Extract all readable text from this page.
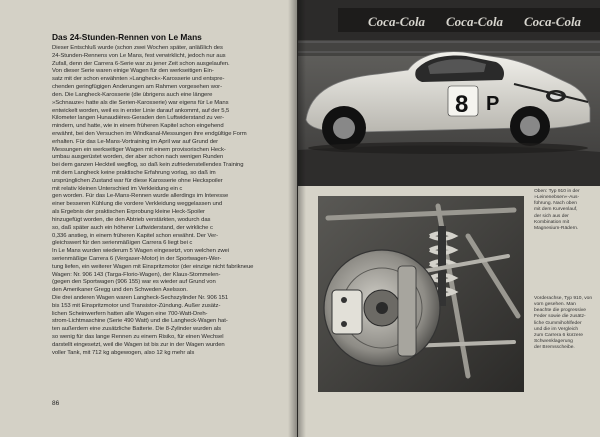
Das 24-Stunden-Rennen von Le Mans
Dieser Entschluß wurde (schon zwei Wochen später, anläßlich des
24-Stunden-Rennens von Le Mans, fest verwirklicht, jedoch nur aus
Zufall, denn der Carrera 6-Serie war zu jener Zeit schon ausgelaufen.
Von dieser Serie waren einige Wagen für den werkseitigen Ein-
satz mit der schon erwähnten »Langheck«-Karosserie und entspre-
chenden geringfügigen Änderungen am Rahmen vorgesehen wor-
den. Die Langheck-Karosserie (die übrigens auch eine längere
»Schnauze« hatte als die Serien-Karosserie) war eigens für Le Mans
entwickelt worden, weil es in erster Linie darauf ankommt, auf der 5,5
Kilometer langen Hunaudières-Geraden den Luftwiderstand zu ver-
mindern, und hatte, wie in einem früheren Kapitel schon eingehend
erwähnt, bei den Versuchen im Windkanal-Messungen ihre endgültige Form
erhalten. Für das Le-Mans-Vortraining im April war auf Grund der
Messungen ein werkseitiger Wagen mit einem provisorischen Heck-
umbau ausgerüstet worden, der aber schon nach wenigen Runden
bei dem ganzen Heckteil wegflog, so daß kein zufriedenstellendes Training
mit dem Langheck keine praktische Erfahrung vorlag, so daß im
ursprünglichen Zustand war für diese Karosserie ohne Heckspoiler
mit relativ kleinen Unterschied im Verkleidung ein c
gen worden. Für das Le-Mans-Rennen wurde allerdings im Interesse
einer besseren Kühlung die vordere Verkleidung weggelassen und
als Ergebnis der praktischen Erprobung kleine Heck-Spoiler
hinzugefügt worden, die den Abtrieb verstärkten, wodurch das
so, daß später auch ein höherer Luftwiderstand, der wirkliche c
0,336 anstieg, in einem früheren Kapitel schon erwähnt. Der Ver-
gleichswert für den serienmäßigen Carrera 6 liegt bei c
In Le Mans wurden wiederum 5 Wagen eingesetzt, von welchen zwei
serienmäßige Carrera 6 (Vergaser-Motor) in der Sportwagen-Wer-
tung liefen, ein weiterer Wagen mit Einspritzmotor (der einzige nicht fabrikneue
Wagen: Nr. 906 143 (Targa-Florio-Wagen), der Klaus-Stommelen-
(gegen den Sportwagen (906 155) war es wieder auf Grund von
den Amerikaner Gregg und den Schweden Axelsson.
Die drei anderen Wagen waren Langheck-Sechszylinder Nr. 906 151
bis 153 mit Einspritzmotor und Transistor-Zündung. Außer zusätz-
lichen Scheinwerfern hatten alle Wagen eine 700-Watt-Dreh-
strom-Lichtmaschine (Serie 490 Watt) und die Langheck-Wagen hat-
ten außerdem eine zusätzliche Batterie. Die 8-Zylinder wurden als
so wenig für das lange Rennen zu einem Risiko, für einen Wechsel
darstellt eingesetzt, weil die Wagen ist bis zur in der Wagen wurden
voller Tank, mit 712 kg abgewogen, also 12 kg mehr als
86
Coca-Cola Coca-Cola Coca-Cola
8 P
Oben: Typ 910 in der
»Leinenebsen«-Aus-
führung. Nach oben
mit dem Kurvenlauf,
der sich aus der
Kombination mit
Magnesium-Rädern.
Vorderachse, Typ 910, von
vorn gesehen. Man
beachte die progressive
Feder sowie die zusätz-
liche Gummihohlfeder
und die im Vergleich
zum Carrera 6 kürzere
Schwenklagerung
der Bremsscheibe.
